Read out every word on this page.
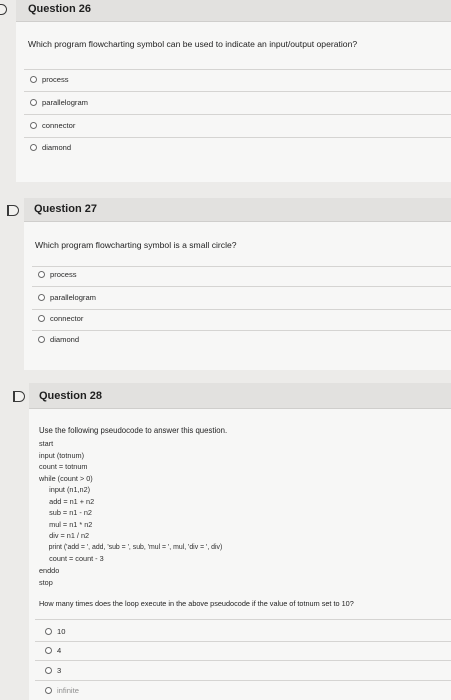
Question 26
Which program flowcharting symbol can be used to indicate an input/output operation?
process
parallelogram
connector
diamond
Question 27
Which program flowcharting symbol is a small circle?
process
parallelogram
connector
diamond
Question 28
Use the following pseudocode to answer this question.
start
input (totnum)
count = totnum
while (count > 0)
input (n1,n2)
add = n1 + n2
sub = n1 - n2
mul = n1 * n2
div = n1 / n2
print ('add = ', add, 'sub = ', sub, 'mul = ', mul, 'div = ', div)
count = count - 3
enddo
stop
How many times does the loop execute in the above pseudocode if the value of totnum set to 10?
10
4
3
infinite
